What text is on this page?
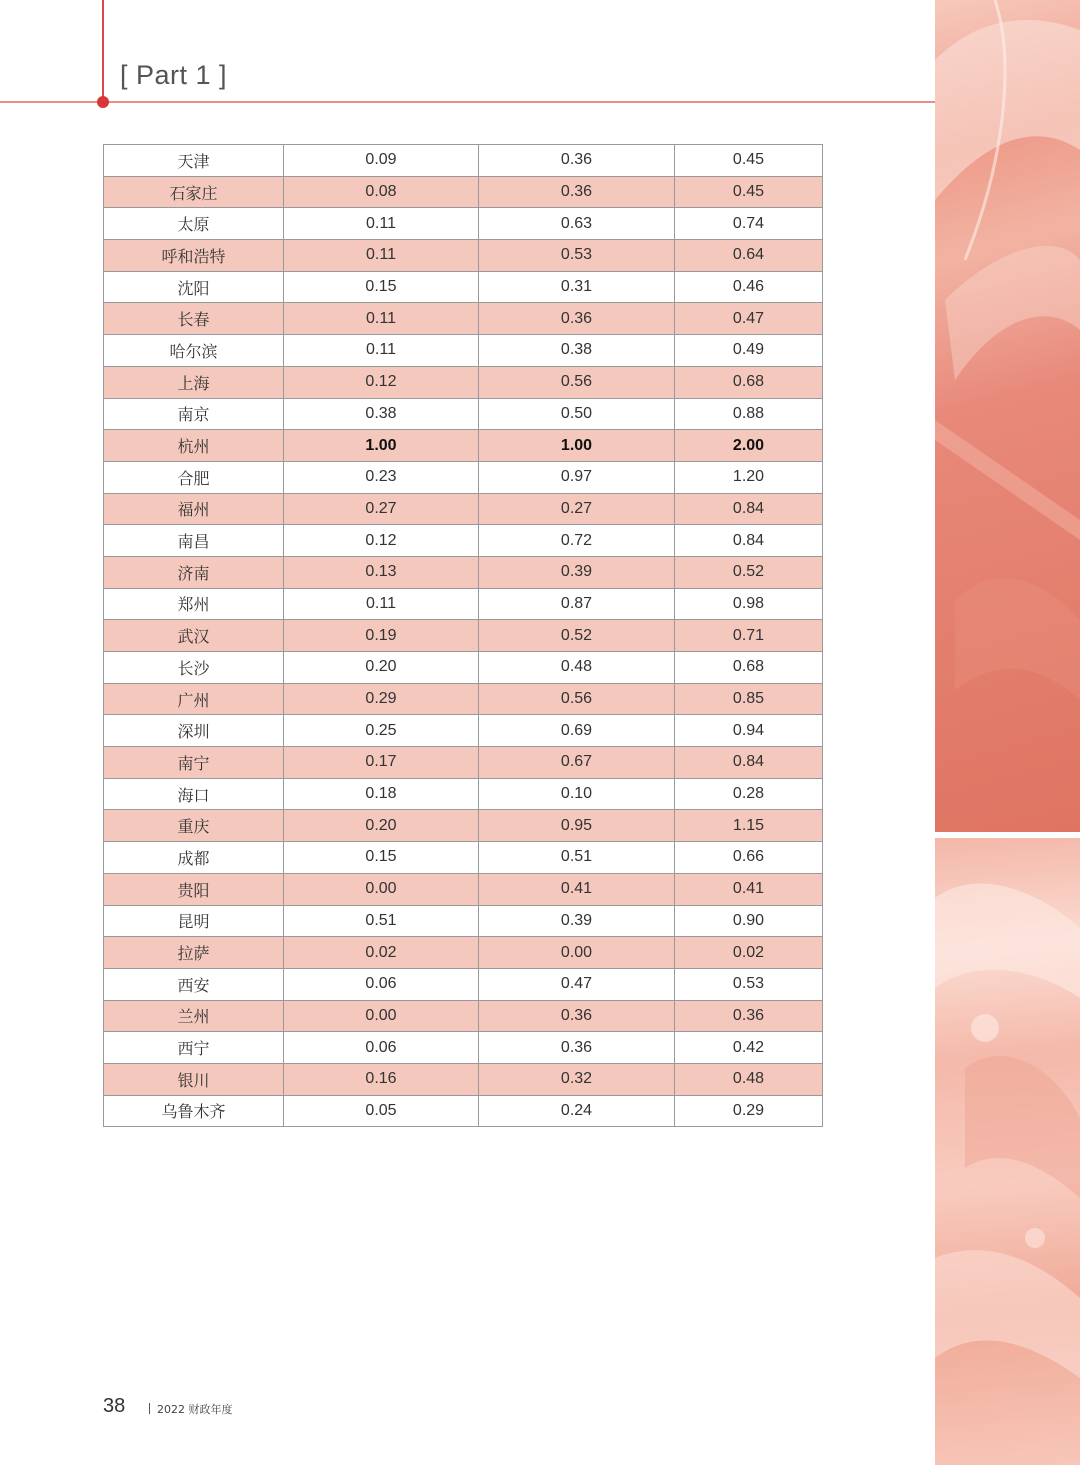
[ Part 1 ]
天津	0.09	0.36	0.45
石家庄	0.08	0.36	0.45
太原	0.11	0.63	0.74
呼和浩特	0.11	0.53	0.64
沈阳	0.15	0.31	0.46
长春	0.11	0.36	0.47
哈尔滨	0.11	0.38	0.49
上海	0.12	0.56	0.68
南京	0.38	0.50	0.88
杭州	1.00	1.00	2.00
合肥	0.23	0.97	1.20
福州	0.27	0.27	0.84
南昌	0.12	0.72	0.84
济南	0.13	0.39	0.52
郑州	0.11	0.87	0.98
武汉	0.19	0.52	0.71
长沙	0.20	0.48	0.68
广州	0.29	0.56	0.85
深圳	0.25	0.69	0.94
南宁	0.17	0.67	0.84
海口	0.18	0.10	0.28
重庆	0.20	0.95	1.15
成都	0.15	0.51	0.66
贵阳	0.00	0.41	0.41
昆明	0.51	0.39	0.90
拉萨	0.02	0.00	0.02
西安	0.06	0.47	0.53
兰州	0.00	0.36	0.36
西宁	0.06	0.36	0.42
银川	0.16	0.32	0.48
乌鲁木齐	0.05	0.24	0.29
38	2022 财政年度
